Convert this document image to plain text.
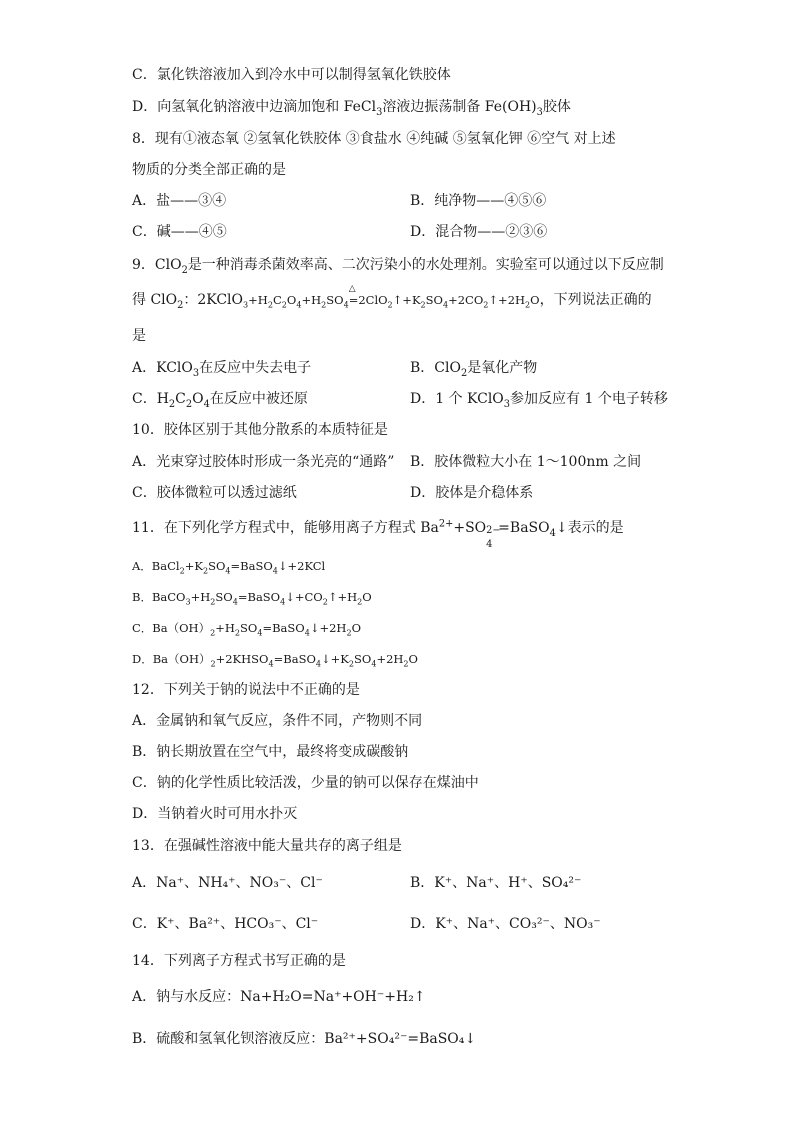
C．氯化铁溶液加入到冷水中可以制得氢氧化铁胶体
D．向氢氧化钠溶液中边滴加饱和 FeCl$_3$溶液边振荡制备 $Fe(OH)_3$胶体
8．现有①液态氧 ②氢氧化铁胶体 ③食盐水 ④纯碱 ⑤氢氧化钾 ⑥空气 对上述
物质的分类全部正确的是
A．盐——③④	B．纯净物——④⑤⑥
C．碱——④⑤	D．混合物——②③⑥
9．ClO$_2$是一种消毒杀菌效率高、二次污染小的水处理剂。实验室可以通过以下反应制
得 ClO$_2$：$2KClO_3+H_2C_2O_4+H_2SO_4\triangle$ $=2ClO_2↑+K_2SO_4+2CO_2↑+2H_2O$，下列说法正确的
是
A．KClO$_3$在反应中失去电子	B．ClO$_2$是氧化产物
C．$H_2C_2O_4$在反应中被还原	D．1 个 KClO$_3$参加反应有 1 个电子转移
10．胶体区别于其他分散系的本质特征是
A．光束穿过胶体时形成一条光亮的“通路” B．胶体微粒大小在 1～100nm 之间
C．胶体微粒可以透过滤纸	D．胶体是介稳体系
11．在下列化学方程式中，能够用离子方程式 $Ba^{2+}+SO$ 2−
4
=BaSO$_4$↓表示的是
A．$BaCl_2+K_2SO_4=BaSO_4↓+2KCl$
B．$BaCO_3+H_2SO_4=BaSO_4↓+CO_2↑+H_2O$
C．$Ba(OH)_2+H_2SO_4=BaSO_4↓+2H_2O$
D．$Ba(OH)_2+2KHSO_4=BaSO_4↓+K_2SO_4+2H_2O$
12．下列关于钠的说法中不正确的是
A．金属钠和氧气反应，条件不同，产物则不同
B．钠长期放置在空气中，最终将变成碳酸钠
C．钠的化学性质比较活泼，少量的钠可以保存在煤油中
D．当钠着火时可用水扑灭
13．在强碱性溶液中能大量共存的离子组是
A．Na⁺、NH₄⁺、NO₃⁻、Cl⁻	B．K⁺、Na⁺、H⁺、SO₄²⁻
C．K⁺、Ba²⁺、HCO₃⁻、Cl⁻	D．K⁺、Na⁺、CO₃²⁻、NO₃⁻
14．下列离子方程式书写正确的是
A．钠与水反应：Na+H₂O=Na⁺+OH⁻+H₂↑
B．硫酸和氢氧化钡溶液反应：Ba²⁺+SO₄²⁻=BaSO₄↓
